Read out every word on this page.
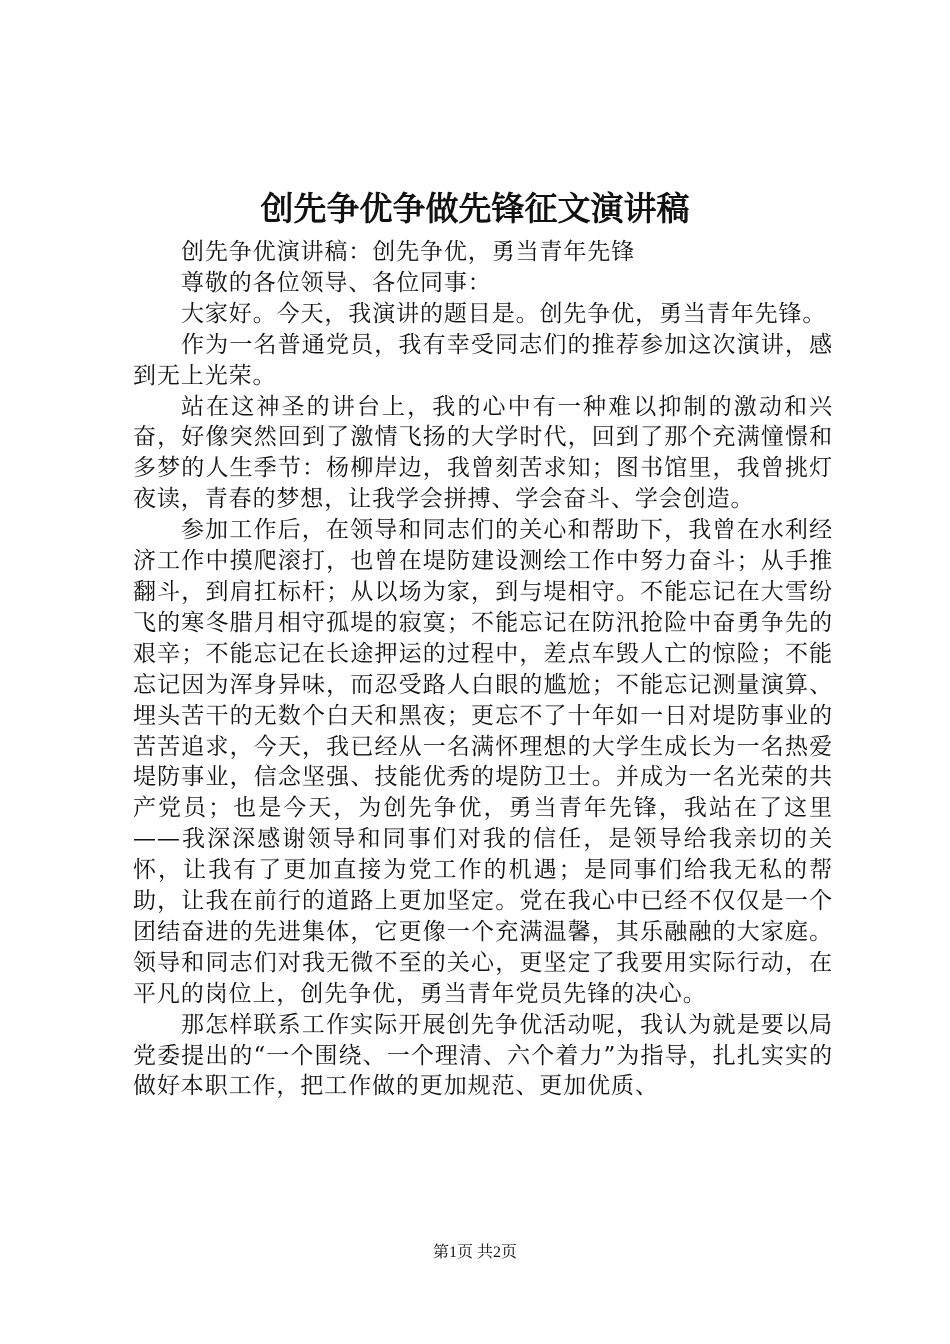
创先争优争做先锋征文演讲稿

创先争优演讲稿：创先争优，勇当青年先锋

尊敬的各位领导、各位同事：

大家好。今天，我演讲的题目是。创先争优，勇当青年先锋。

作为一名普通党员，我有幸受同志们的推荐参加这次演讲，感到无上光荣。

站在这神圣的讲台上，我的心中有一种难以抑制的激动和兴奋，好像突然回到了激情飞扬的大学时代，回到了那个充满憧憬和多梦的人生季节：杨柳岸边，我曾刻苦求知；图书馆里，我曾挑灯夜读，青春的梦想，让我学会拼搏、学会奋斗、学会创造。

参加工作后，在领导和同志们的关心和帮助下，我曾在水利经济工作中摸爬滚打，也曾在堤防建设测绘工作中努力奋斗；从手推翻斗，到肩扛标杆；从以场为家，到与堤相守。不能忘记在大雪纷飞的寒冬腊月相守孤堤的寂寞；不能忘记在防汛抢险中奋勇争先的艰辛；不能忘记在长途押运的过程中，差点车毁人亡的惊险；不能忘记因为浑身异味，而忍受路人白眼的尴尬；不能忘记测量演算、埋头苦干的无数个白天和黑夜；更忘不了十年如一日对堤防事业的苦苦追求，今天，我已经从一名满怀理想的大学生成长为一名热爱堤防事业，信念坚强、技能优秀的堤防卫士。并成为一名光荣的共产党员；也是今天，为创先争优，勇当青年先锋，我站在了这里——我深深感谢领导和同事们对我的信任，是领导给我亲切的关怀，让我有了更加直接为党工作的机遇；是同事们给我无私的帮助，让我在前行的道路上更加坚定。党在我心中已经不仅仅是一个团结奋进的先进集体，它更像一个充满温馨，其乐融融的大家庭。领导和同志们对我无微不至的关心，更坚定了我要用实际行动，在平凡的岗位上，创先争优，勇当青年党员先锋的决心。

那怎样联系工作实际开展创先争优活动呢，我认为就是要以局党委提出的“一个围绕、一个理清、六个着力”为指导，扎扎实实的做好本职工作，把工作做的更加规范、更加优质、

第1页 共2页
